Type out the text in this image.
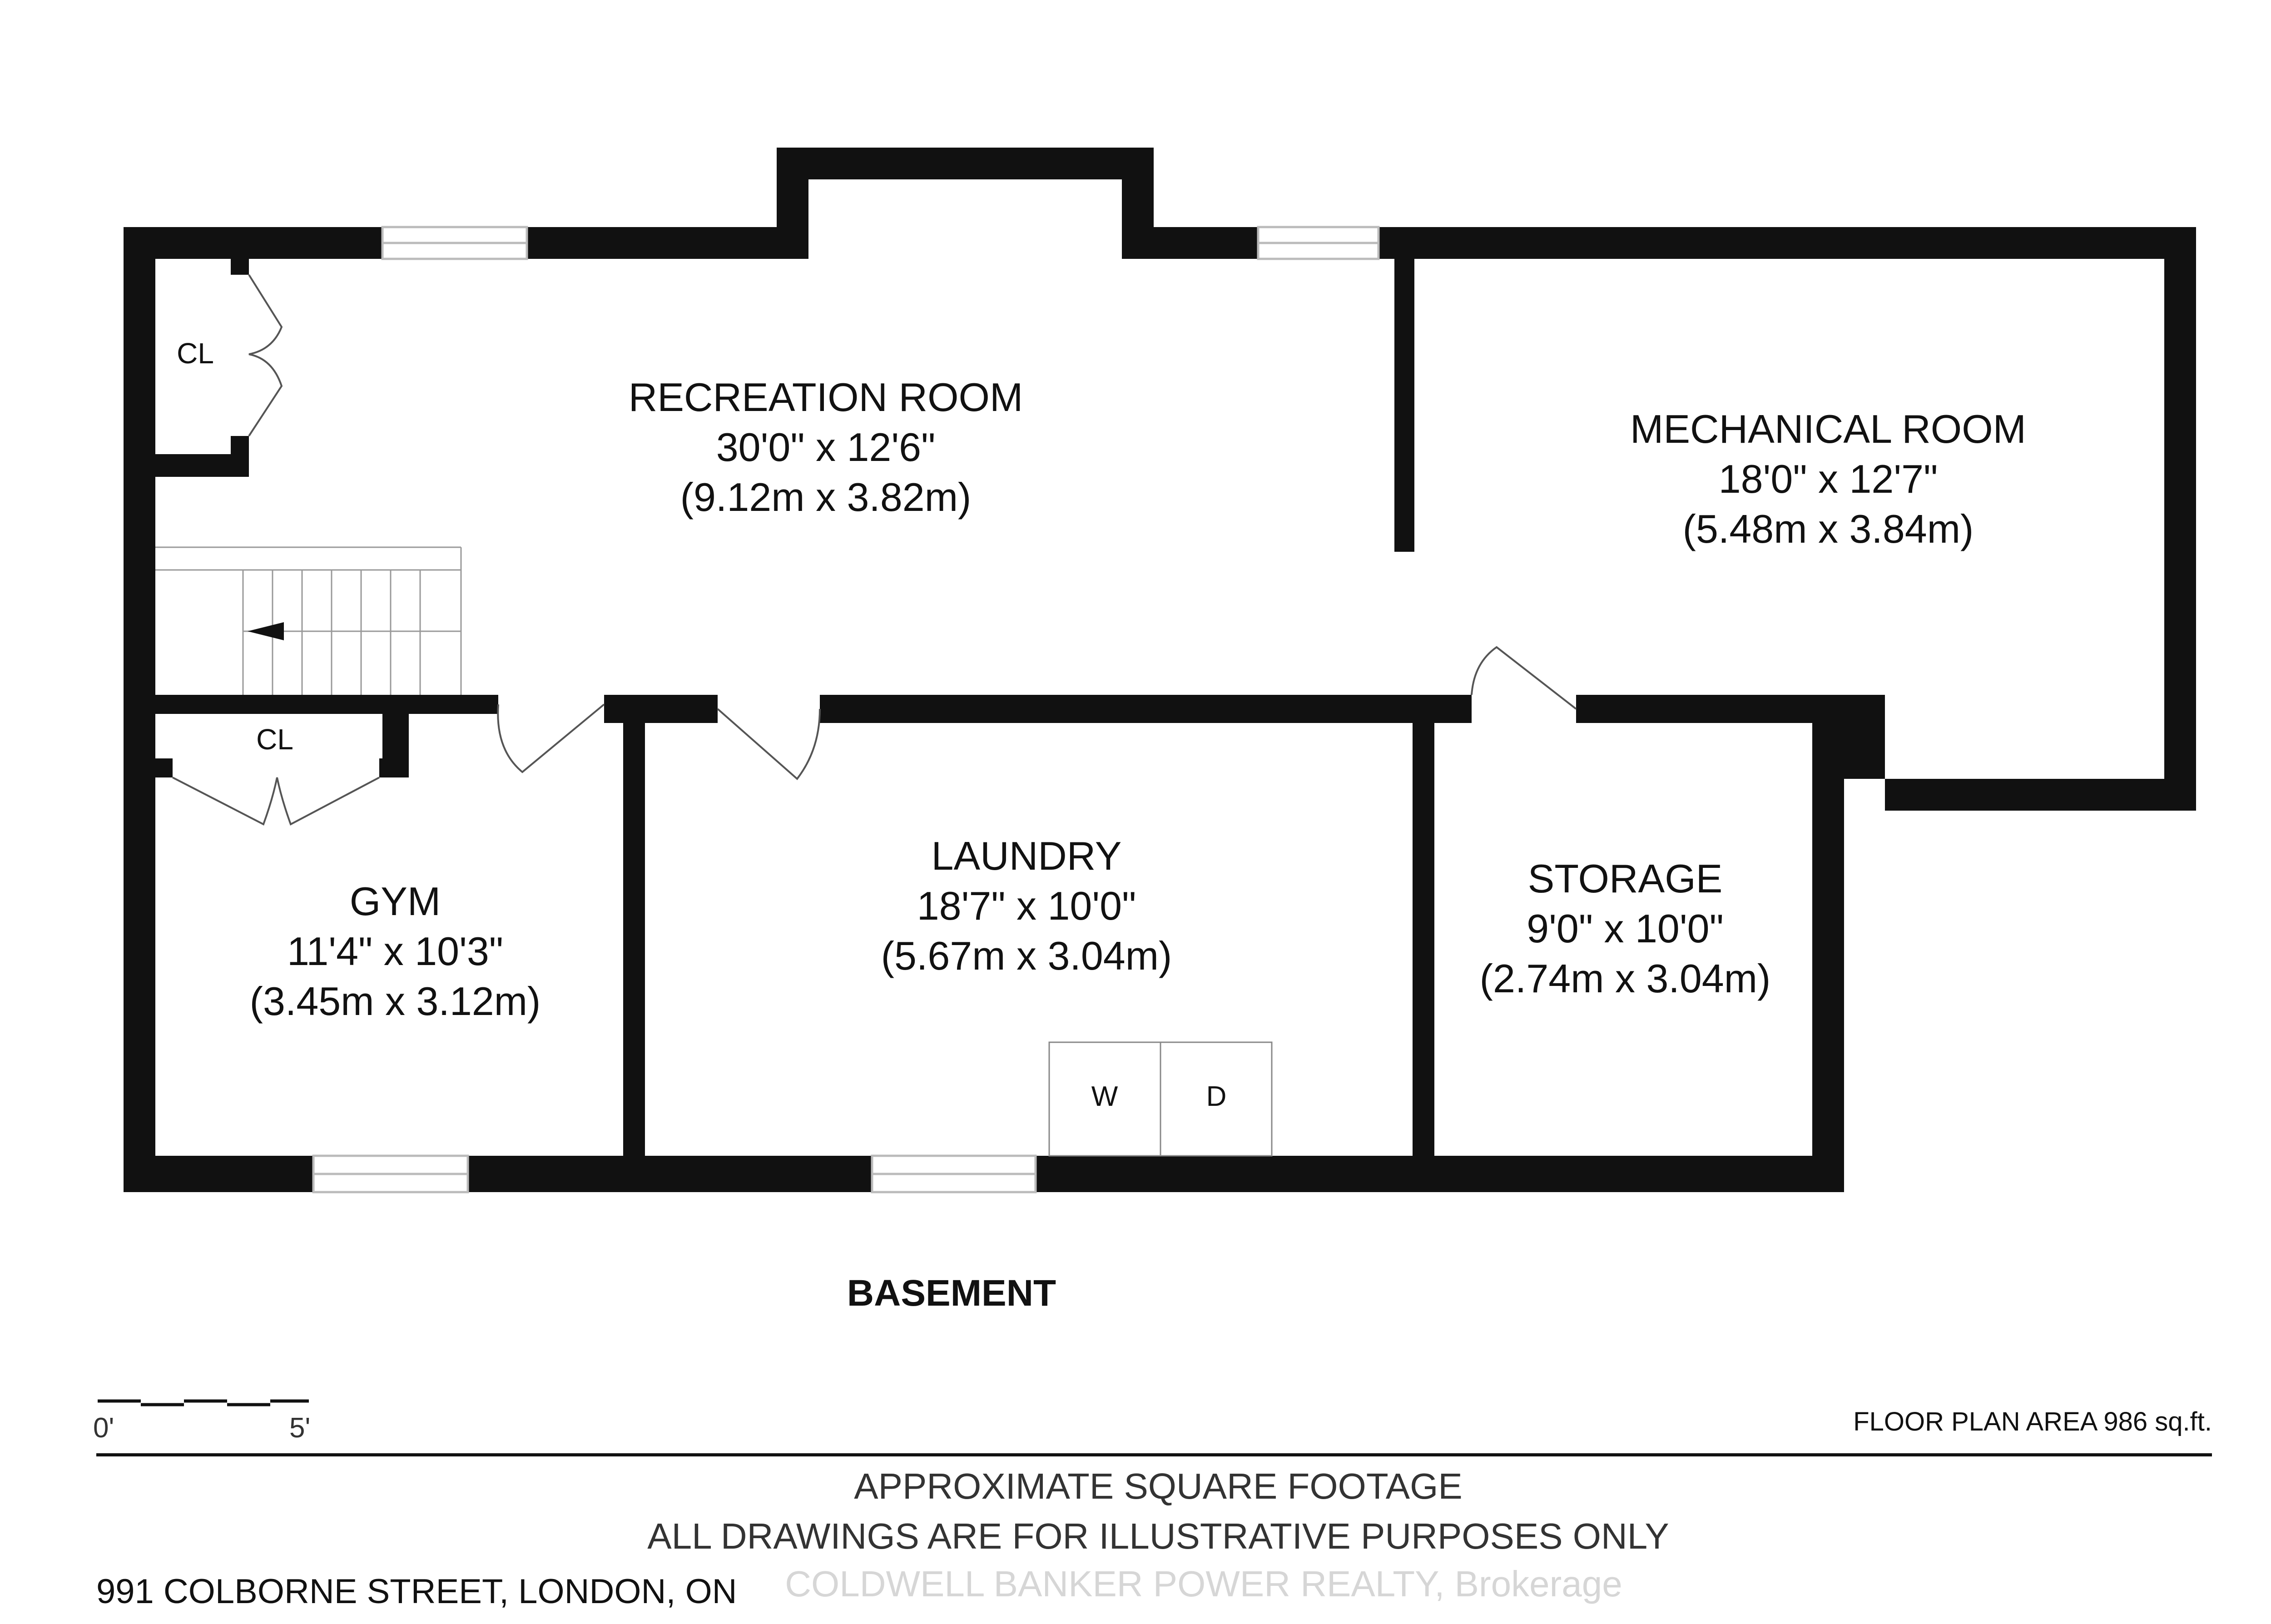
W	D
CL
CL
RECREATION ROOM
30'0" x 12'6"
(9.12m x 3.82m)
MECHANICAL ROOM
18'0" x 12'7"
(5.48m x 3.84m)
GYM
11'4" x 10'3"
(3.45m x 3.12m)
LAUNDRY
18'7" x 10'0"
(5.67m x 3.04m)
STORAGE
9'0" x 10'0"
(2.74m x 3.04m)
BASEMENT
0'	5'	FLOOR PLAN AREA 986 sq.ft.
APPROXIMATE SQUARE FOOTAGE
ALL DRAWINGS ARE FOR ILLUSTRATIVE PURPOSES ONLY
991 COLBORNE STREET, LONDON, ON COLDWELL BANKER POWER REALTY, Brokerage
